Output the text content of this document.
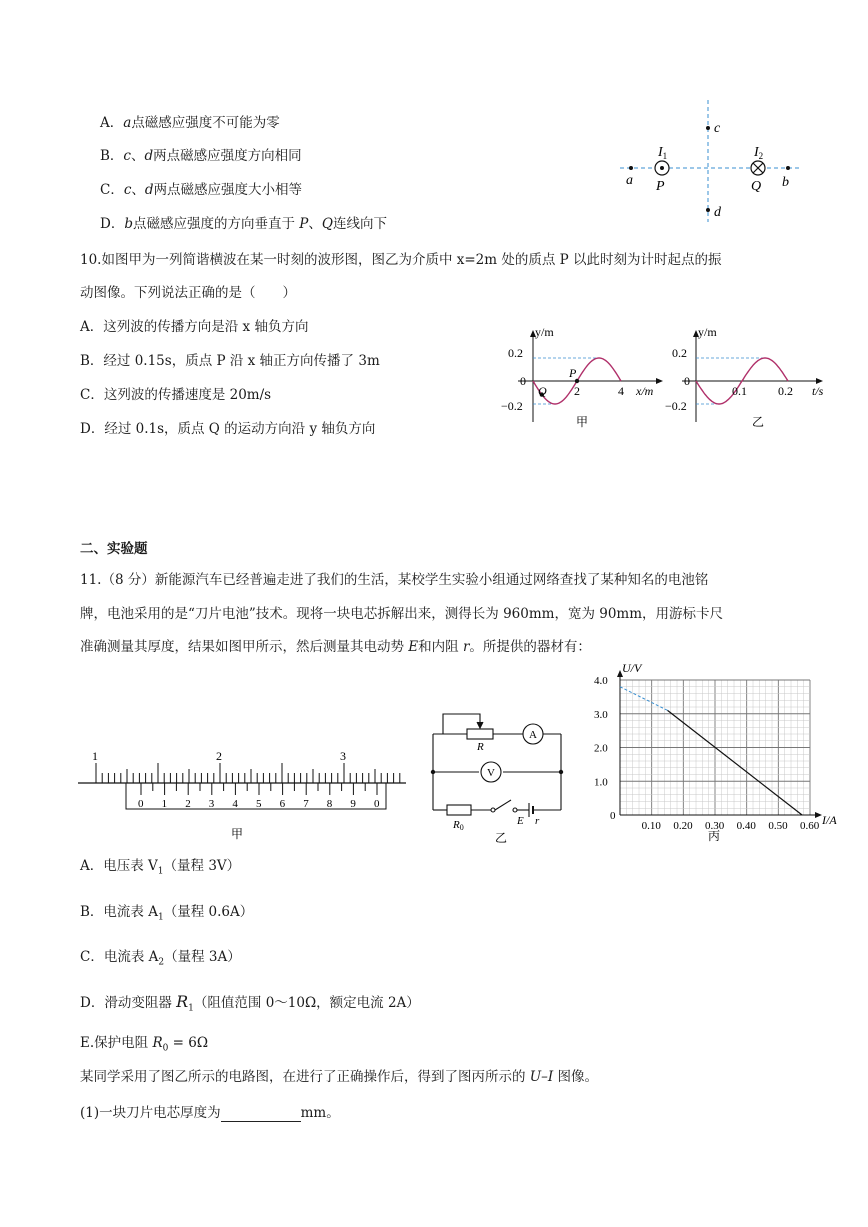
A．a点磁感应强度不可能为零
B．c、d两点磁感应强度方向相同
C．c、d两点磁感应强度大小相等
D．b点磁感应强度的方向垂直于 P、Q连线向下
c
d
a	b
P	Q
$I_1$	$I_2$
10.如图甲为一列简谐横波在某一时刻的波形图，图乙为介质中 x=2m 处的质点 P 以此时刻为计时起点的振
动图像。下列说法正确的是（　　）
A．这列波的传播方向是沿 x 轴负方向
B．经过 0.15s，质点 P 沿 x 轴正方向传播了 3m
C．这列波的传播速度是 20m/s
D．经过 0.1s，质点 Q 的运动方向沿 y 轴负方向
y/m
x/m
0.2
0
−0.2
2	4
Q
P
甲
y/m
t/s
0.2
0
−0.2
0.1	0.2
乙
二、实验题
11.（8 分）新能源汽车已经普遍走进了我们的生活，某校学生实验小组通过网络查找了某种知名的电池铭
牌，电池采用的是“刀片电池”技术。现将一块电芯拆解出来，测得长为 960mm，宽为 90mm，用游标卡尺
准确测量其厚度，结果如图甲所示，然后测量其电动势 E和内阻 r。所提供的器材有：
1	2	3
0 1 2 3 4 5 6 7 8 9 0
甲
R
A
V
R0
E r
乙
0.10 0.20 0.30 0.40 0.50 0.60
4.0
3.0
2.0
1.0
0
U/V
I/A
丙
A．电压表 $V_1$（量程 3V）
B．电流表 $A_1$（量程 0.6A）
C．电流表 $A_2$（量程 3A）
D．滑动变阻器 $R_1$（阻值范围 0～10Ω，额定电流 2A）
E.保护电阻 $R_0 = 6\Omega$
某同学采用了图乙所示的电路图，在进行了正确操作后，得到了图丙所示的 U–I 图像。
(1)一块刀片电芯厚度为	mm。
